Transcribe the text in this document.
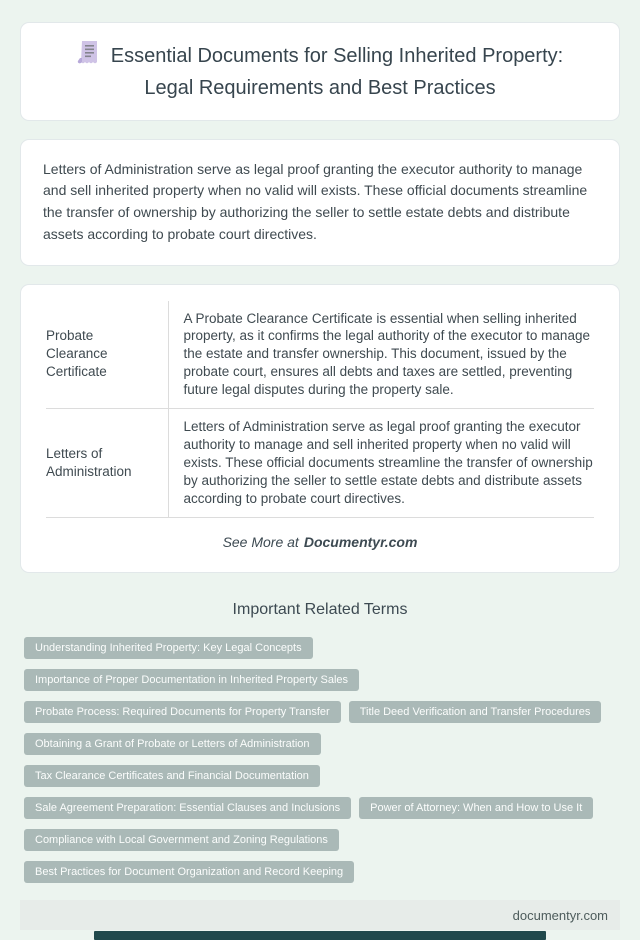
Essential Documents for Selling Inherited Property: Legal Requirements and Best Practices

Letters of Administration serve as legal proof granting the executor authority to manage and sell inherited property when no valid will exists. These official documents streamline the transfer of ownership by authorizing the seller to settle estate debts and distribute assets according to probate court directives.

Probate Clearance Certificate	A Probate Clearance Certificate is essential when selling inherited property, as it confirms the legal authority of the executor to manage the estate and transfer ownership. This document, issued by the probate court, ensures all debts and taxes are settled, preventing future legal disputes during the property sale.
Letters of Administration	Letters of Administration serve as legal proof granting the executor authority to manage and sell inherited property when no valid will exists. These official documents streamline the transfer of ownership by authorizing the seller to settle estate debts and distribute assets according to probate court directives.
See More at Documentyr.com
Important Related Terms
Understanding Inherited Property: Key Legal Concepts
Importance of Proper Documentation in Inherited Property Sales
Probate Process: Required Documents for Property Transfer	Title Deed Verification and Transfer Procedures
Obtaining a Grant of Probate or Letters of Administration
Tax Clearance Certificates and Financial Documentation
Sale Agreement Preparation: Essential Clauses and Inclusions	Power of Attorney: When and How to Use It
Compliance with Local Government and Zoning Regulations
Best Practices for Document Organization and Record Keeping
documentyr.com
